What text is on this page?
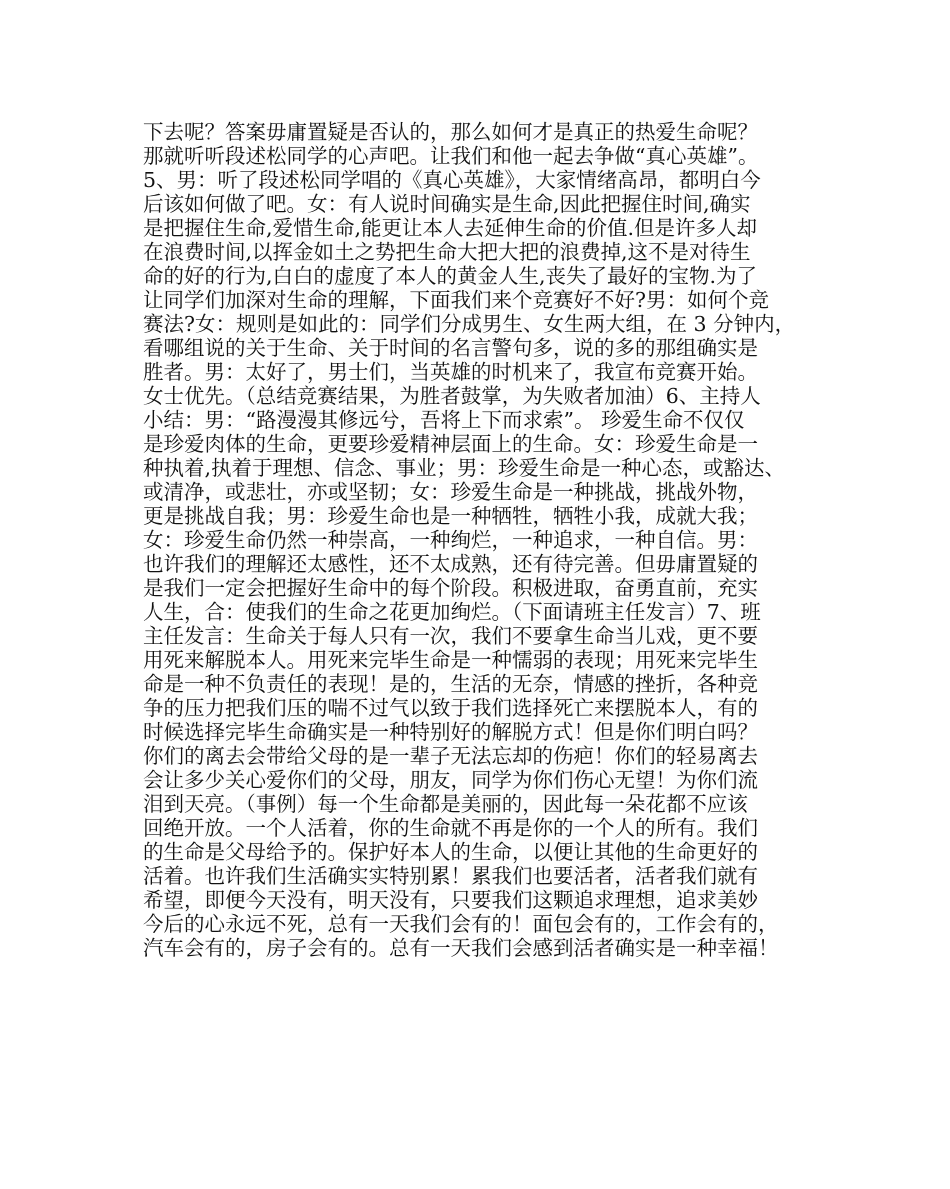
下去呢？答案毋庸置疑是否认的，那么如何才是真正的热爱生命呢？
那就听听段述松同学的心声吧。让我们和他一起去争做“真心英雄”。
5、男：听了段述松同学唱的《真心英雄》，大家情绪高昂，都明白今
后该如何做了吧。女：有人说时间确实是生命,因此把握住时间,确实
是把握住生命,爱惜生命,能更让本人去延伸生命的价值.但是许多人却
在浪费时间,以挥金如土之势把生命大把大把的浪费掉,这不是对待生
命的好的行为,白白的虚度了本人的黄金人生,丧失了最好的宝物.为了
让同学们加深对生命的理解，下面我们来个竞赛好不好?男：如何个竞
赛法?女：规则是如此的：同学们分成男生、女生两大组，在 3 分钟内，
看哪组说的关于生命、关于时间的名言警句多，说的多的那组确实是
胜者。男：太好了，男士们，当英雄的时机来了，我宣布竞赛开始。
女士优先。（总结竞赛结果，为胜者鼓掌，为失败者加油）6、主持人
小结：男：“路漫漫其修远兮，吾将上下而求索”。 珍爱生命不仅仅
是珍爱肉体的生命，更要珍爱精神层面上的生命。女：珍爱生命是一
种执着,执着于理想、信念、事业；男：珍爱生命是一种心态，或豁达、
或清净，或悲壮，亦或坚韧；女：珍爱生命是一种挑战，挑战外物，
更是挑战自我；男：珍爱生命也是一种牺牲，牺牲小我，成就大我；
女：珍爱生命仍然一种崇高，一种绚烂，一种追求，一种自信。男：
也许我们的理解还太感性，还不太成熟，还有待完善。但毋庸置疑的
是我们一定会把握好生命中的每个阶段。积极进取，奋勇直前，充实
人生，合：使我们的生命之花更加绚烂。（下面请班主任发言）7、班
主任发言：生命关于每人只有一次，我们不要拿生命当儿戏，更不要
用死来解脱本人。用死来完毕生命是一种懦弱的表现；用死来完毕生
命是一种不负责任的表现！是的，生活的无奈，情感的挫折，各种竞
争的压力把我们压的喘不过气以致于我们选择死亡来摆脱本人，有的
时候选择完毕生命确实是一种特别好的解脱方式！但是你们明白吗？
你们的离去会带给父母的是一辈子无法忘却的伤疤！你们的轻易离去
会让多少关心爱你们的父母，朋友，同学为你们伤心无望！为你们流
泪到天亮。（事例）每一个生命都是美丽的，因此每一朵花都不应该
回绝开放。一个人活着，你的生命就不再是你的一个人的所有。我们
的生命是父母给予的。保护好本人的生命，以便让其他的生命更好的
活着。也许我们生活确实实特别累！累我们也要活者，活者我们就有
希望，即便今天没有，明天没有，只要我们这颗追求理想，追求美妙
今后的心永远不死，总有一天我们会有的！面包会有的，工作会有的，
汽车会有的，房子会有的。总有一天我们会感到活者确实是一种幸福！
